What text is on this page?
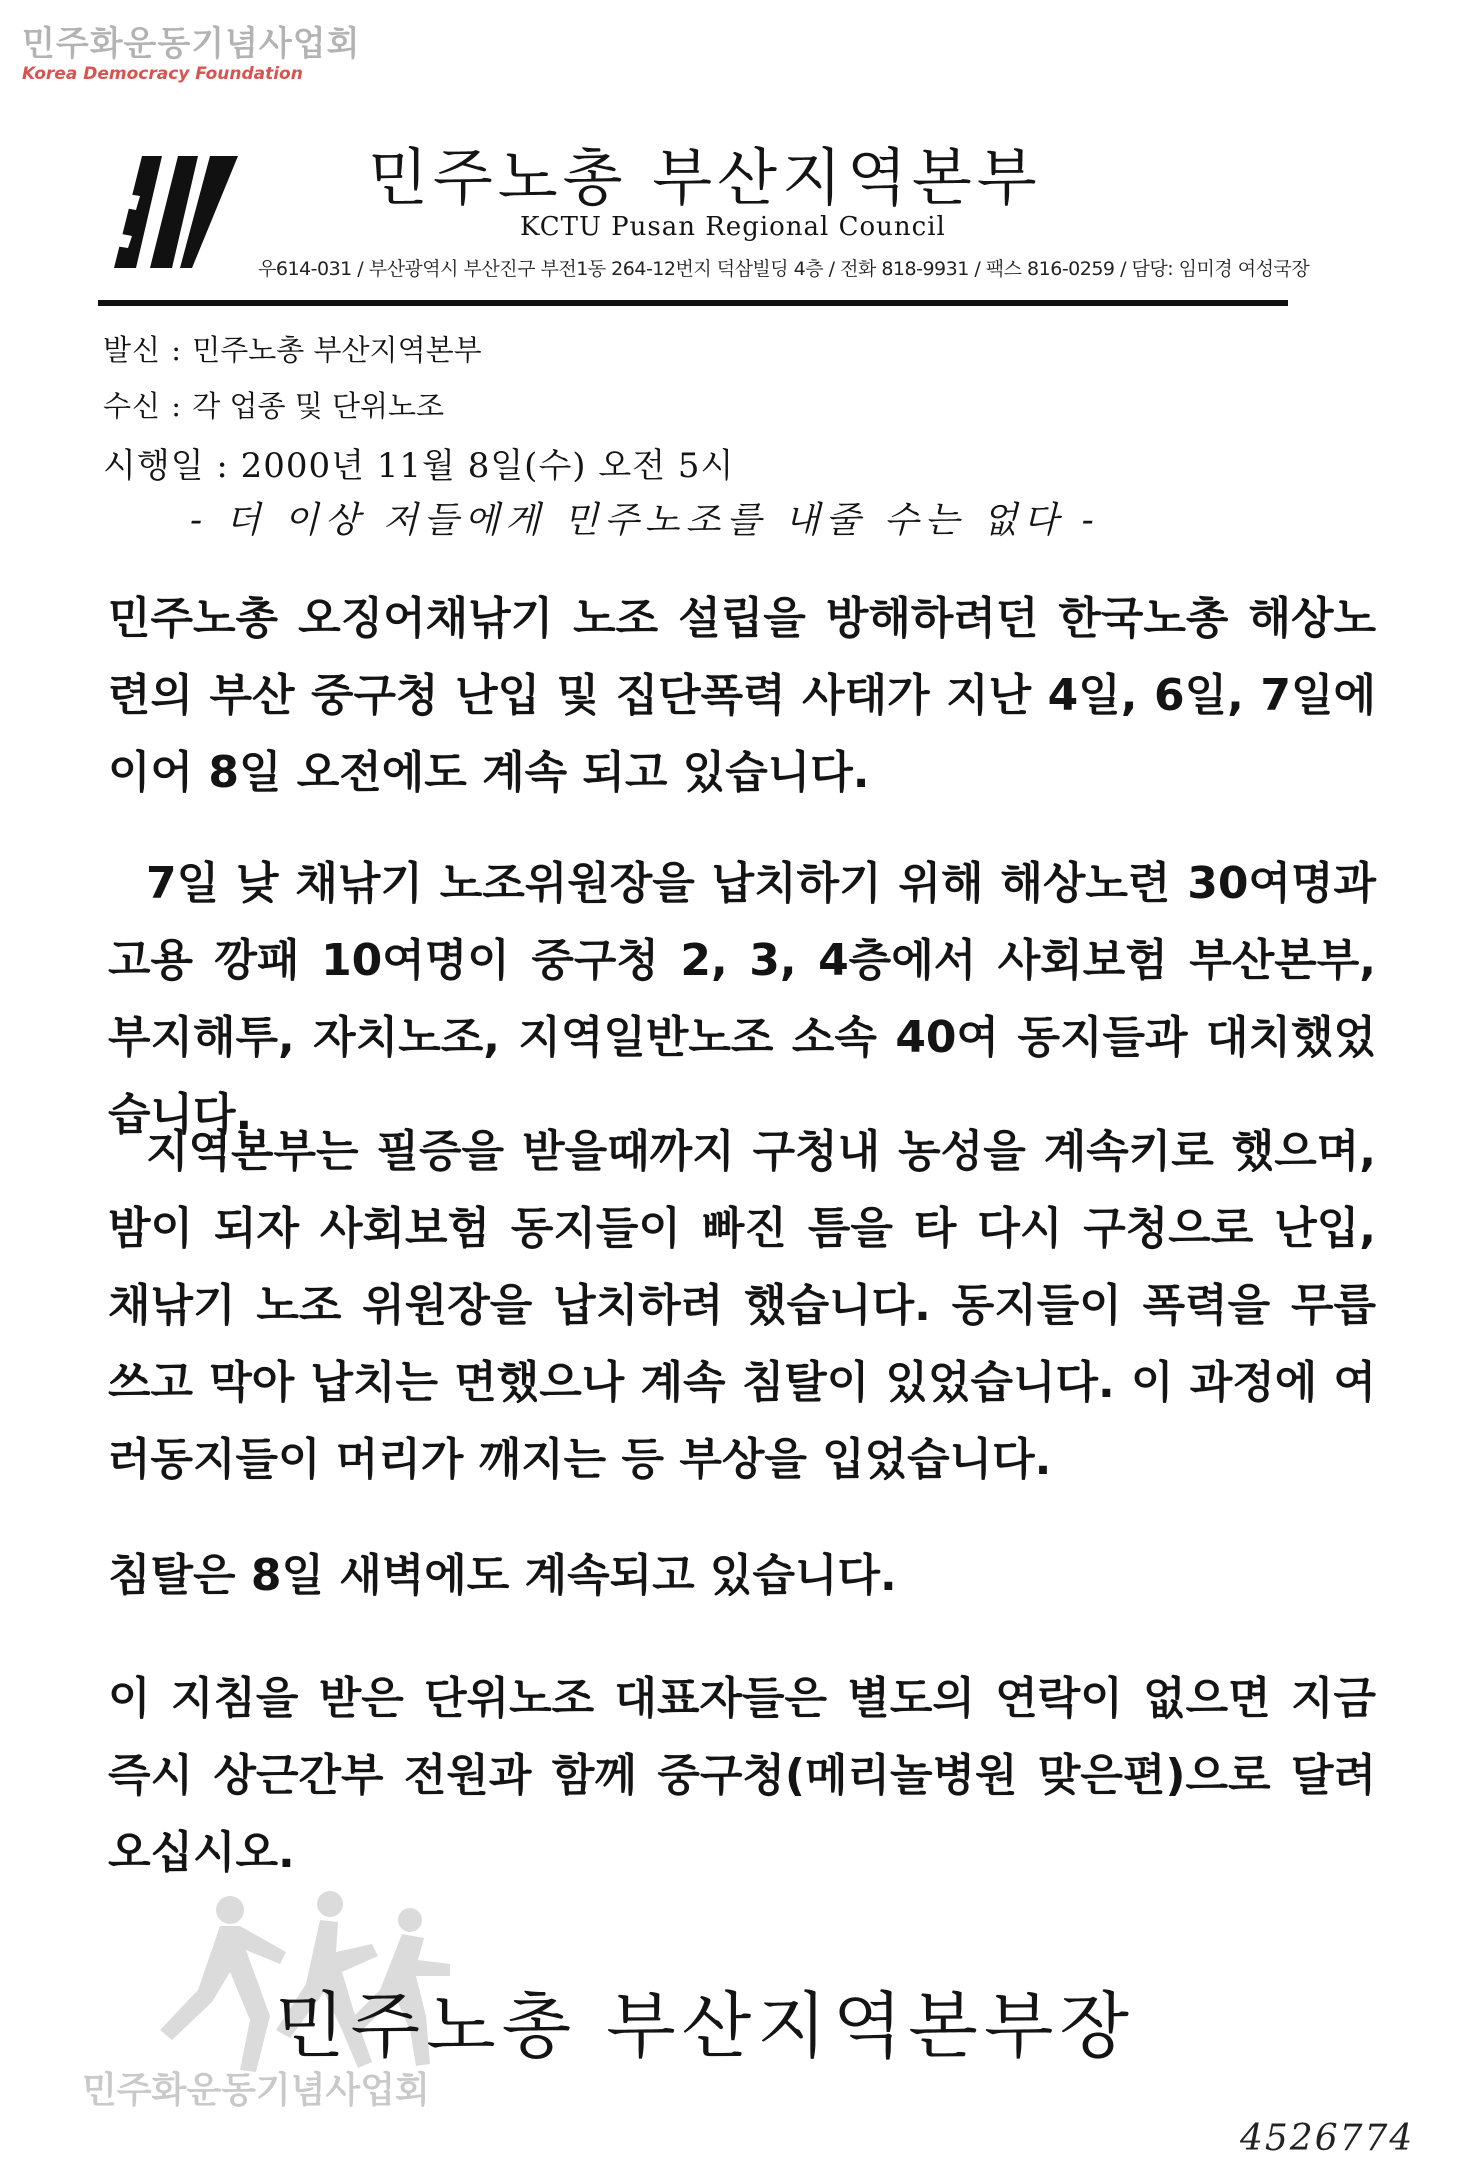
민주화운동기념사업회
Korea Democracy Foundation
민주노총 부산지역본부
KCTU Pusan Regional Council
우614-031 / 부산광역시 부산진구 부전1동 264-12번지 덕삼빌딩 4층 / 전화 818-9931 / 팩스 816-0259 / 담당: 임미경 여성국장
발신 : 민주노총 부산지역본부
수신 : 각 업종 및 단위노조
시행일 : 2000년 11월 8일(수) 오전 5시
- 더 이상 저들에게 민주노조를 내줄 수는 없다 -
민주노총 오징어채낚기 노조 설립을 방해하려던 한국노총 해상노련의 부산 중구청 난입 및 집단폭력 사태가 지난 4일, 6일, 7일에 이어 8일 오전에도 계속 되고 있습니다.
7일 낮 채낚기 노조위원장을 납치하기 위해 해상노련 30여명과 고용 깡패 10여명이 중구청 2, 3, 4층에서 사회보험 부산본부, 부지해투, 자치노조, 지역일반노조 소속 40여 동지들과 대치했었습니다.
지역본부는 필증을 받을때까지 구청내 농성을 계속키로 했으며, 밤이 되자 사회보험 동지들이 빠진 틈을 타 다시 구청으로 난입, 채낚기 노조 위원장을 납치하려 했습니다. 동지들이 폭력을 무릅쓰고 막아 납치는 면했으나 계속 침탈이 있었습니다. 이 과정에 여러동지들이 머리가 깨지는 등 부상을 입었습니다.
침탈은 8일 새벽에도 계속되고 있습니다.
이 지침을 받은 단위노조 대표자들은 별도의 연락이 없으면 지금 즉시 상근간부 전원과 함께 중구청(메리놀병원 맞은편)으로 달려오십시오.
민주노총 부산지역본부장
민주화운동기념사업회
4526774
